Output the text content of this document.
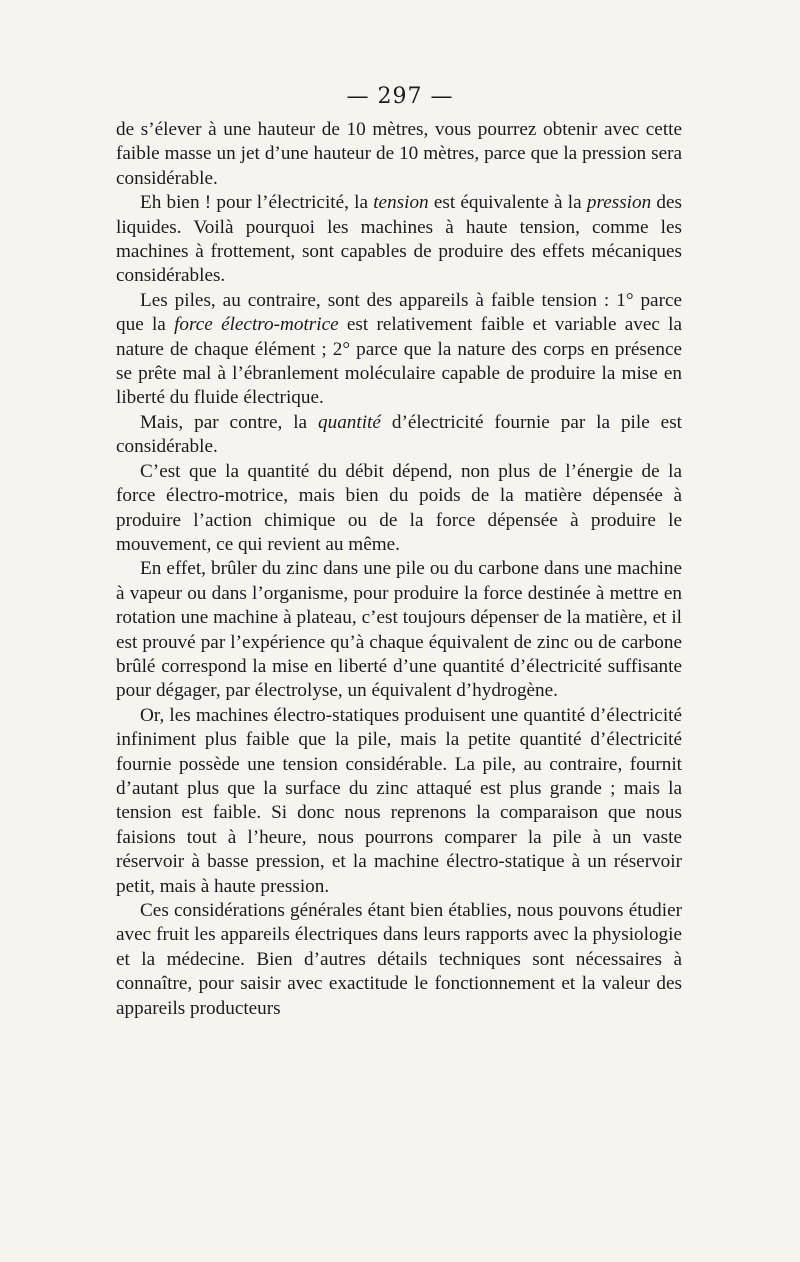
— 297 —

de s’élever à une hauteur de 10 mètres, vous pourrez obtenir avec cette faible masse un jet d’une hauteur de 10 mètres, parce que la pression sera considérable.

Eh bien ! pour l’électricité, la tension est équivalente à la pression des liquides. Voilà pourquoi les machines à haute tension, comme les machines à frottement, sont capables de produire des effets mécaniques considérables.

Les piles, au contraire, sont des appareils à faible tension : 1° parce que la force électro-motrice est relativement faible et variable avec la nature de chaque élément ; 2° parce que la nature des corps en présence se prête mal à l’ébranlement moléculaire capable de produire la mise en liberté du fluide électrique.

Mais, par contre, la quantité d’électricité fournie par la pile est considérable.

C’est que la quantité du débit dépend, non plus de l’énergie de la force électro-motrice, mais bien du poids de la matière dépensée à produire l’action chimique ou de la force dépensée à produire le mouvement, ce qui revient au même.

En effet, brûler du zinc dans une pile ou du carbone dans une machine à vapeur ou dans l’organisme, pour produire la force destinée à mettre en rotation une machine à plateau, c’est toujours dépenser de la matière, et il est prouvé par l’expérience qu’à chaque équivalent de zinc ou de carbone brûlé correspond la mise en liberté d’une quantité d’électricité suffisante pour dégager, par électrolyse, un équivalent d’hydrogène.

Or, les machines électro-statiques produisent une quantité d’électricité infiniment plus faible que la pile, mais la petite quantité d’électricité fournie possède une tension considérable. La pile, au contraire, fournit d’autant plus que la surface du zinc attaqué est plus grande ; mais la tension est faible. Si donc nous reprenons la comparaison que nous faisions tout à l’heure, nous pourrons comparer la pile à un vaste réservoir à basse pression, et la machine électro-statique à un réservoir petit, mais à haute pression.

Ces considérations générales étant bien établies, nous pouvons étudier avec fruit les appareils électriques dans leurs rapports avec la physiologie et la médecine. Bien d’autres détails techniques sont nécessaires à connaître, pour saisir avec exactitude le fonctionnement et la valeur des appareils producteurs
